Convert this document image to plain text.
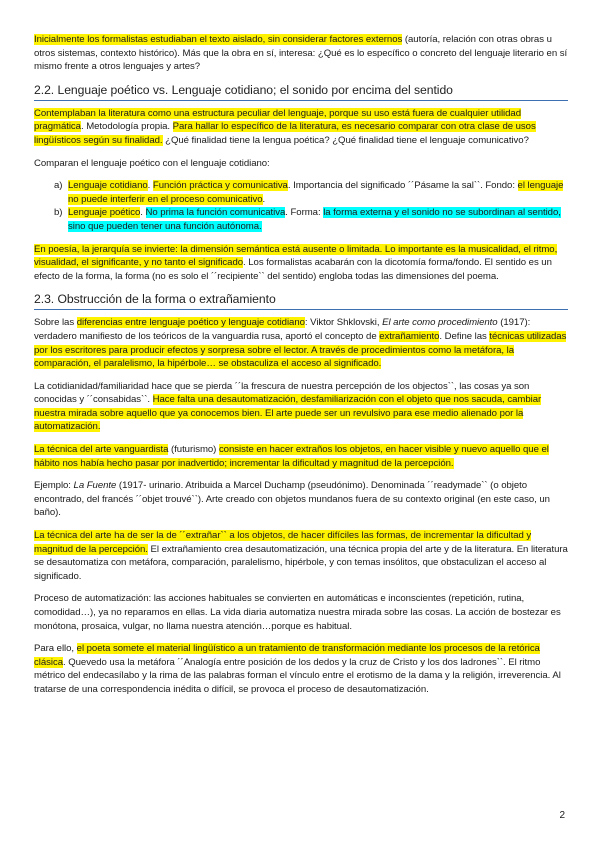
Inicialmente los formalistas estudiaban el texto aislado, sin considerar factores externos (autoría, relación con otras obras u otros sistemas, contexto histórico). Más que la obra en sí, interesa: ¿Qué es lo específico o concreto del lenguaje literario en sí mismo frente a otros lenguajes y artes?

2.2. Lenguaje poético vs. Lenguaje cotidiano; el sonido por encima del sentido

Contemplaban la literatura como una estructura peculiar del lenguaje, porque su uso está fuera de cualquier utilidad pragmática. Metodología propia. Para hallar lo específico de la literatura, es necesario comparar con otra clase de usos lingüísticos según su finalidad. ¿Qué finalidad tiene la lengua poética? ¿Qué finalidad tiene el lenguaje comunicativo?

Comparan el lenguaje poético con el lenguaje cotidiano:

a) Lenguaje cotidiano. Función práctica y comunicativa. Importancia del significado ´´Pásame la sal``. Fondo: el lenguaje no puede interferir en el proceso comunicativo.
b) Lenguaje poético. No prima la función comunicativa. Forma: la forma externa y el sonido no se subordinan al sentido, sino que pueden tener una función autónoma.

En poesía, la jerarquía se invierte: la dimensión semántica está ausente o limitada. Lo importante es la musicalidad, el ritmo, visualidad, el significante, y no tanto el significado. Los formalistas acabarán con la dicotomía forma/fondo. El sentido es un efecto de la forma, la forma (no es solo el ´´recipiente`` del sentido) engloba todas las dimensiones del poema.

2.3. Obstrucción de la forma o extrañamiento

Sobre las diferencias entre lenguaje poético y lenguaje cotidiano: Viktor Shklovski, El arte como procedimiento (1917): verdadero manifiesto de los teóricos de la vanguardia rusa, aportó el concepto de extrañamiento. Define las técnicas utilizadas por los escritores para producir efectos y sorpresa sobre el lector. A través de procedimientos como la metáfora, la comparación, el paralelismo, la hipérbole… se obstaculiza el acceso al significado.

La cotidianidad/familiaridad hace que se pierda ´´la frescura de nuestra percepción de los objectos``, las cosas ya son conocidas y ´´consabidas``. Hace falta una desautomatización, desfamiliarización con el objeto que nos sacuda, cambiar nuestra mirada sobre aquello que ya conocemos bien. El arte puede ser un revulsivo para ese medio alienado por la automatización.

La técnica del arte vanguardista (futurismo) consiste en hacer extraños los objetos, en hacer visible y nuevo aquello que el hábito nos había hecho pasar por inadvertido; incrementar la dificultad y magnitud de la percepción.

Ejemplo: La Fuente (1917- urinario. Atribuida a Marcel Duchamp (pseudónimo). Denominada ´´readymade`` (o objeto encontrado, del francés ´´objet trouvé``). Arte creado con objetos mundanos fuera de su contexto original (en este caso, un baño).

La técnica del arte ha de ser la de ´´extrañar`` a los objetos, de hacer difíciles las formas, de incrementar la dificultad y magnitud de la percepción. El extrañamiento crea desautomatización, una técnica propia del arte y de la literatura. En literatura se desautomatiza con metáfora, comparación, paralelismo, hipérbole, y con temas insólitos, que obstaculizan el acceso al significado.

Proceso de automatización: las acciones habituales se convierten en automáticas e inconscientes (repetición, rutina, comodidad…), ya no reparamos en ellas. La vida diaria automatiza nuestra mirada sobre las cosas. La acción de bostezar es monótona, prosaica, vulgar, no llama nuestra atención…porque es habitual.

Para ello, el poeta somete el material lingüístico a un tratamiento de transformación mediante los procesos de la retórica clásica. Quevedo usa la metáfora ´´Analogía entre posición de los dedos y la cruz de Cristo y los dos ladrones``. El ritmo métrico del endecasílabo y la rima de las palabras forman el vínculo entre el erotismo de la dama y la religión, irreverencia. Al tratarse de una correspondencia inédita o difícil, se provoca el proceso de desautomatización.

2
